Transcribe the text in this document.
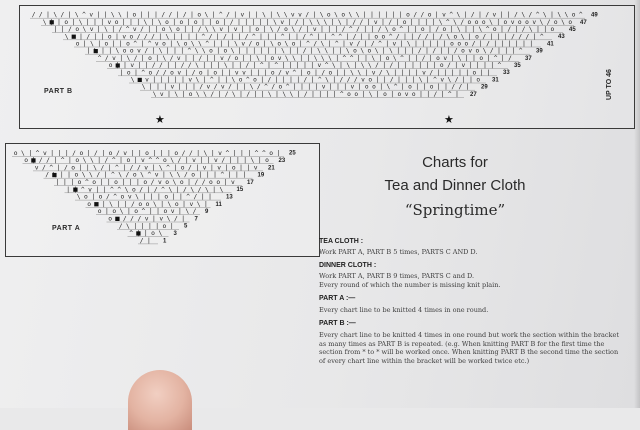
/ / | \ / | \ ^ v | | \ \ | o | | | / / | / | o \ | ^ / | v | | \ | \ \ v v / | \ o \ o \ \ | | | | | | o / / o | v ^ \ | / | / v | | / \ / ^ \ | \ \ o ^
\ | o | \ | | | v o | | | \ | \ o | o | o | | o | / | | | | | \ v | / | \ \ \ | \ | / / | v | / | o | | | | \ ^ \ / o o o \ | o v o o v \ / o \ o
| | / o \ v | \ | / ^ v / | | o \ o | | / \ \ v | v | | o | \ / o \ / | v | | | / ^ / | | / \ o ^ | | o | / o | \ | | \ ^ o | / | / \ | | o
\ | / | | o | v o / / / | \ | | | | ^ / | / | | / ^ | | | ^ | | / ^ | | ^ ^ | / | | o o ^ / | | / / | / \ o \ | o / | | | / / / | ^
o | \ | o | | o ^ | ^ v o | \ o \ \ ^ | | | \ v / o | \ o \ o | ^ / \ | ^ | v / | / ^ | v | \ | | | | | o o o / | / | | | | | |
| | | \ o o v / | \ | | | ^ \ \ o | o \ | | | | | | \ | | / | \ \ | | \ o \ o \ | \ | | | / | / | | / o v o \ / | | | ^
^ / v | \ / | o | \ / v | | / | | v / o | | \ | o v \ \ | | \ \ \ | ^ ^ | | \ | o \ ^ | | / | o v | \ | | o | ^ | /
o | v | | / / | | / / \ | | | \ | | / | ^ | ^ | | | | | v ^ \ | \ | \ \ / | / | | | | | | o / | v | | | | ^
| o | ^ o / / o v | / o | o | | v v | | | o / v ^ | o | / o | | \ \ | v / \ | | | | v / | | | | | o | |
\ v | | | | | v \ | ^ | | \ o ^ o | / | | | | / | ^ \ | / / / v o | | / | | | \ | ^ v \ / | | o
\ | | | v | | | / v / v / | | \ / ^ / o ^ | | | | v | | | v | o o | \ ^ | o | | o | | / / |
\ v | \ | o \ \ / | / \ | / | | \ | \ \ | / | | | | ^ o o | \ | o | o v o | | / | ^ |
49
47
45
43
41
39
37
35
33
31
29
27
PART B	UP TO 46
★	★
o \ | ^ v | | | / o | / | o / v | | o | | | o / / | \ | v ^ | | | ^ ^ o |
o / / | ^ | o \ \ | / ^ | o | v ^ ^ o \ / | v | | v / | | | \ | o
v / ^ | / o | | \ / | ^ | / / v | \ ^ | o / | v | v | o | | v
/ | | o \ \ / | ^ \ / o \ ^ v | \ \ / o | | | ^ | | |
| | | o ^ o | | o | | | o / v o \ o | / / o o | v
| ^ v | | ^ ^ \ o / | / ^ \ | / \ / \ | \
\ o | o / ^ o v \ | | | o | | ^ / | |
o | \ | | / o o \ | \ o | v \ |
o | o \ | o ^ | | o v | \ /
o / / / v | v \ / |
/ \ | | | | o |
^ | o \
/ |
25
23
21
19
17
15
13
11
9
7
5
3
1
PART A
Charts for
Tea and Dinner Cloth
“Springtime”
TEA CLOTH :
Work PART A, PART B 5 times, PARTS C AND D.
DINNER CLOTH :
Work PART A, PART B 9 times, PARTS C and D.
Every round of which the number is missing knit plain.
PART A :—
Every chart line to be knitted 4 times in one round.
PART B :—
Every chart line to be knitted 4 times in one round but work the section within the bracket as many times as PART B is repeated. (e.g. When knitting PART B for the first time the section from * to * will be worked once. When knitting PART B the second time the section of every chart line within the bracket will be worked twice etc.)
